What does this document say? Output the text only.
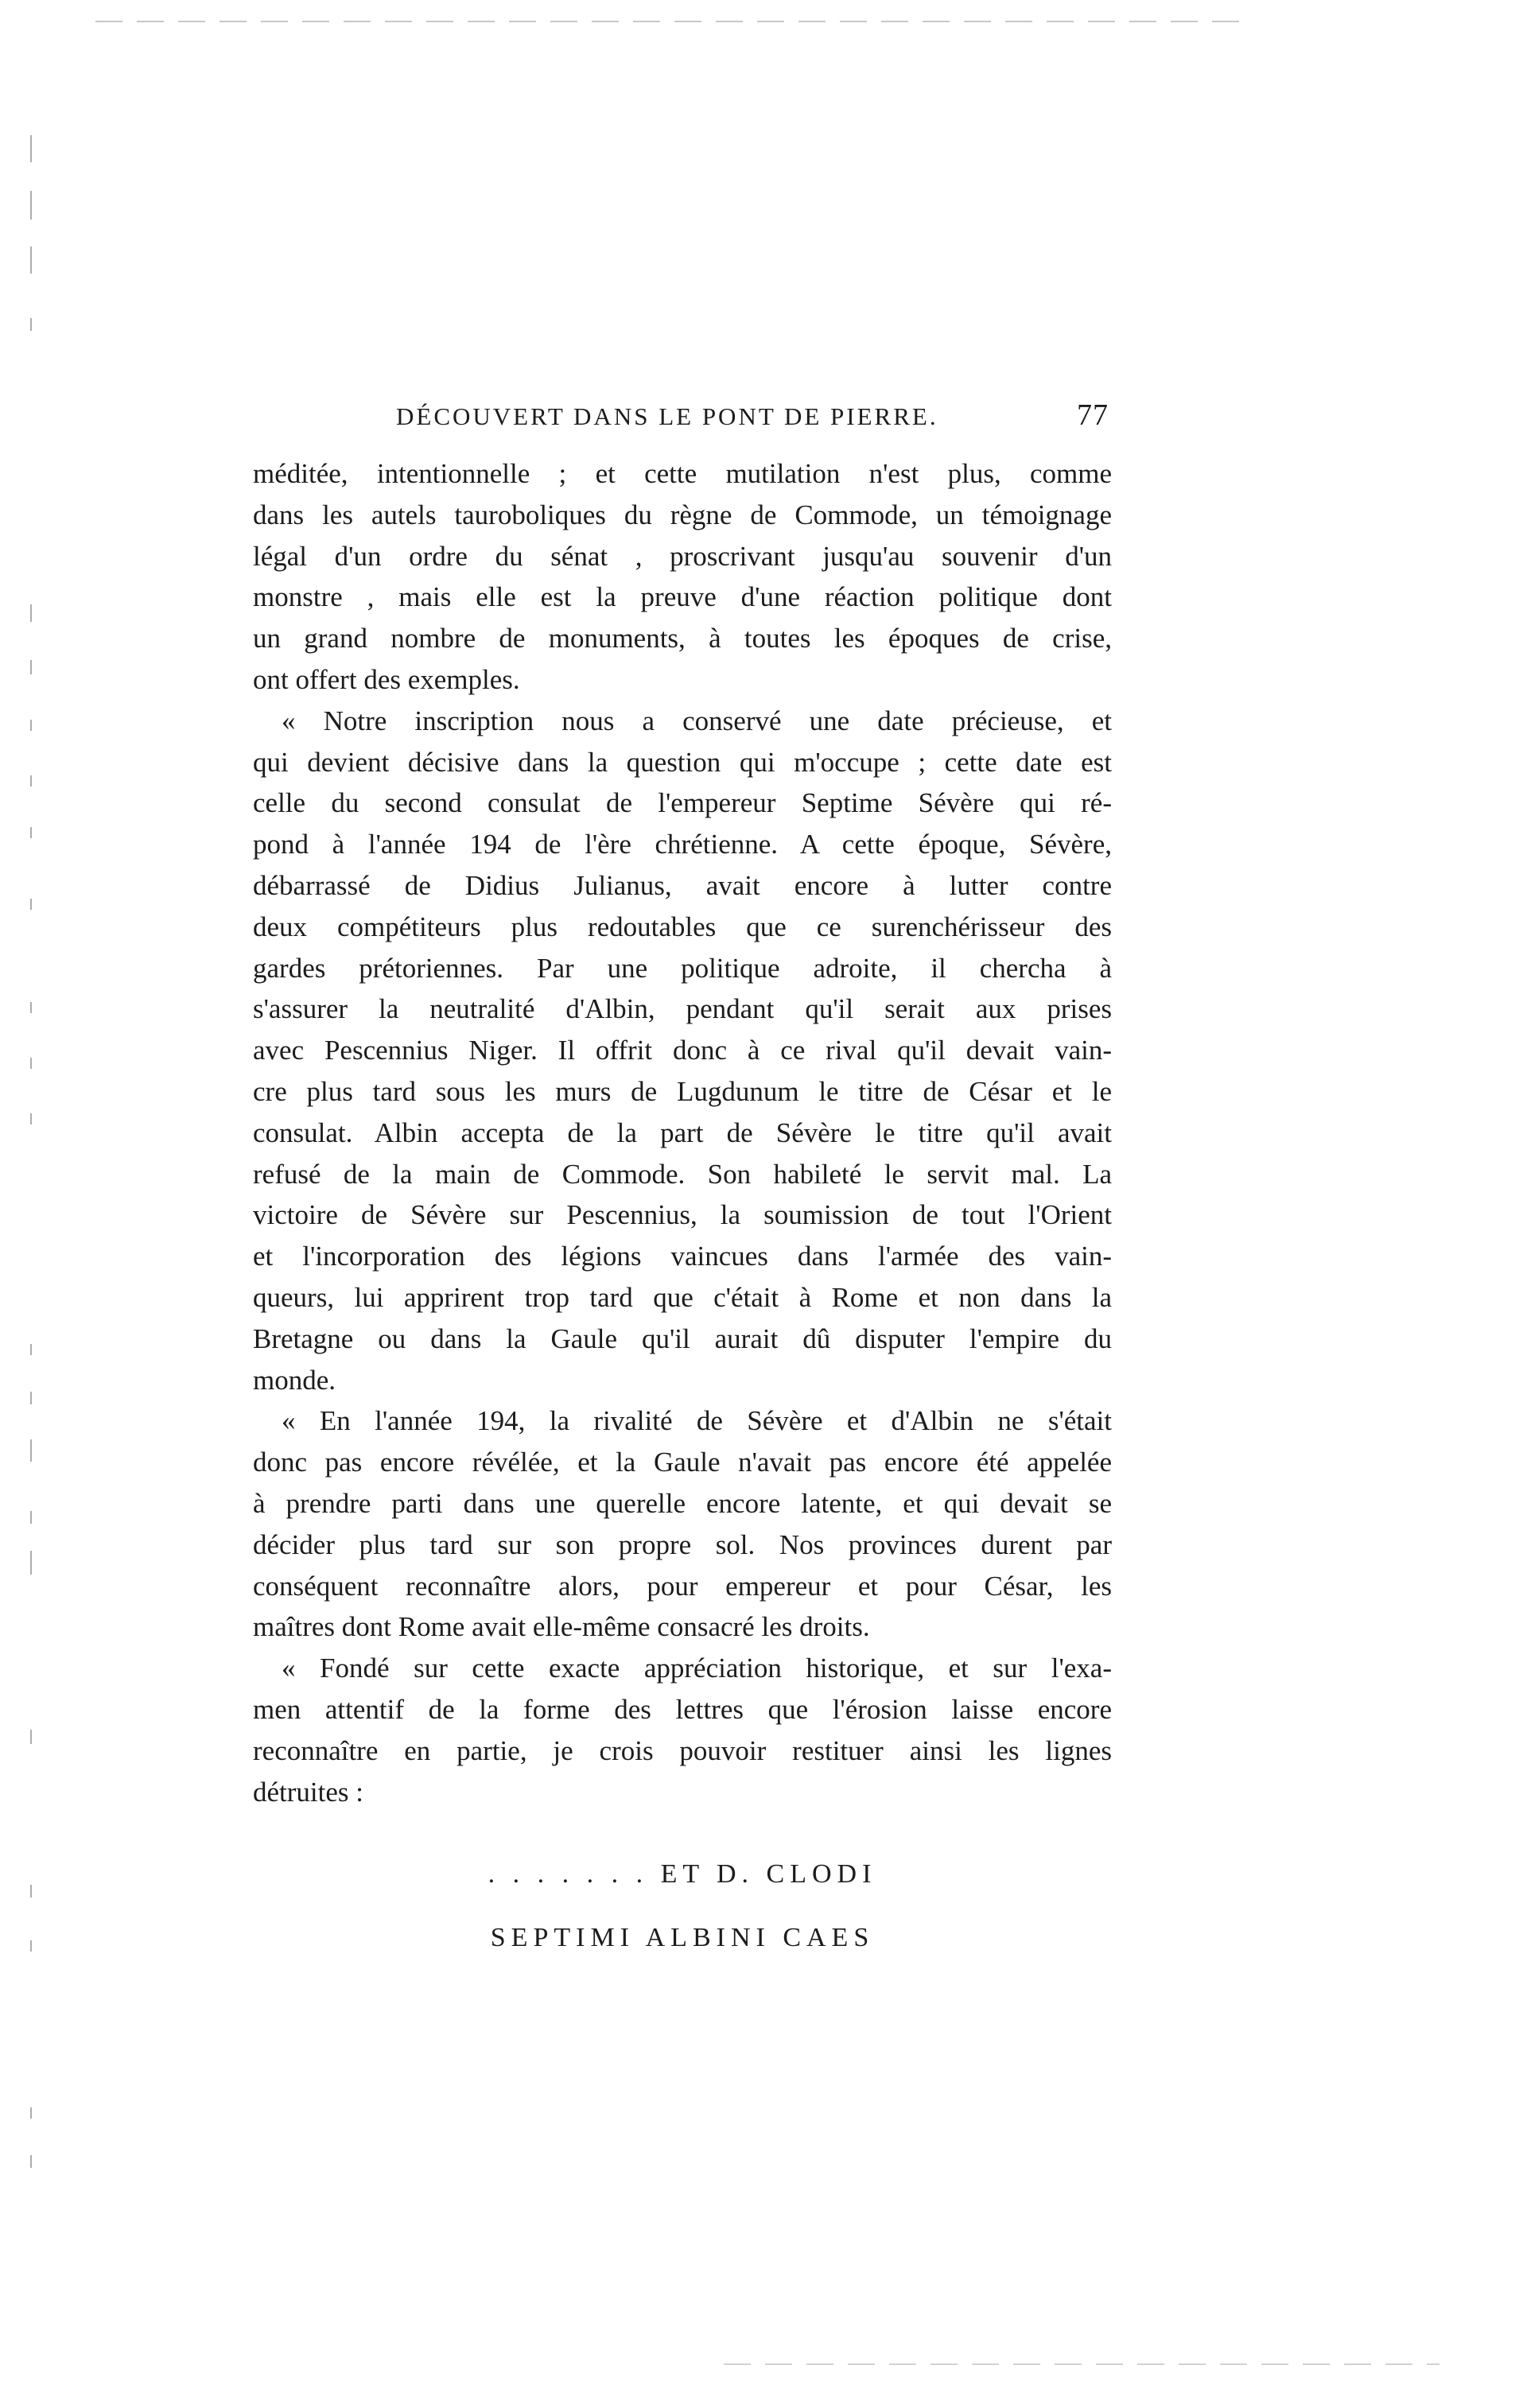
DÉCOUVERT DANS LE PONT DE PIERRE.	77

méditée, intentionnelle ; et cette mutilation n'est plus, comme

dans les autels tauroboliques du règne de Commode, un témoignage

légal d'un ordre du sénat , proscrivant jusqu'au souvenir d'un

monstre , mais elle est la preuve d'une réaction politique dont

un grand nombre de monuments, à toutes les époques de crise,

ont offert des exemples.

« Notre inscription nous a conservé une date précieuse, et

qui devient décisive dans la question qui m'occupe ; cette date est

celle du second consulat de l'empereur Septime Sévère qui ré-

pond à l'année 194 de l'ère chrétienne. A cette époque, Sévère,

débarrassé de Didius Julianus, avait encore à lutter contre

deux compétiteurs plus redoutables que ce surenchérisseur des

gardes prétoriennes. Par une politique adroite, il chercha à

s'assurer la neutralité d'Albin, pendant qu'il serait aux prises

avec Pescennius Niger. Il offrit donc à ce rival qu'il devait vain-

cre plus tard sous les murs de Lugdunum le titre de César et le

consulat. Albin accepta de la part de Sévère le titre qu'il avait

refusé de la main de Commode. Son habileté le servit mal. La

victoire de Sévère sur Pescennius, la soumission de tout l'Orient

et l'incorporation des légions vaincues dans l'armée des vain-

queurs, lui apprirent trop tard que c'était à Rome et non dans la

Bretagne ou dans la Gaule qu'il aurait dû disputer l'empire du

monde.

« En l'année 194, la rivalité de Sévère et d'Albin ne s'était

donc pas encore révélée, et la Gaule n'avait pas encore été appelée

à prendre parti dans une querelle encore latente, et qui devait se

décider plus tard sur son propre sol. Nos provinces durent par

conséquent reconnaître alors, pour empereur et pour César, les

maîtres dont Rome avait elle-même consacré les droits.

« Fondé sur cette exacte appréciation historique, et sur l'exa-

men attentif de la forme des lettres que l'érosion laisse encore

reconnaître en partie, je crois pouvoir restituer ainsi les lignes

détruites :

. . . . . . . ET D. CLODI
SEPTIMI ALBINI CAES
